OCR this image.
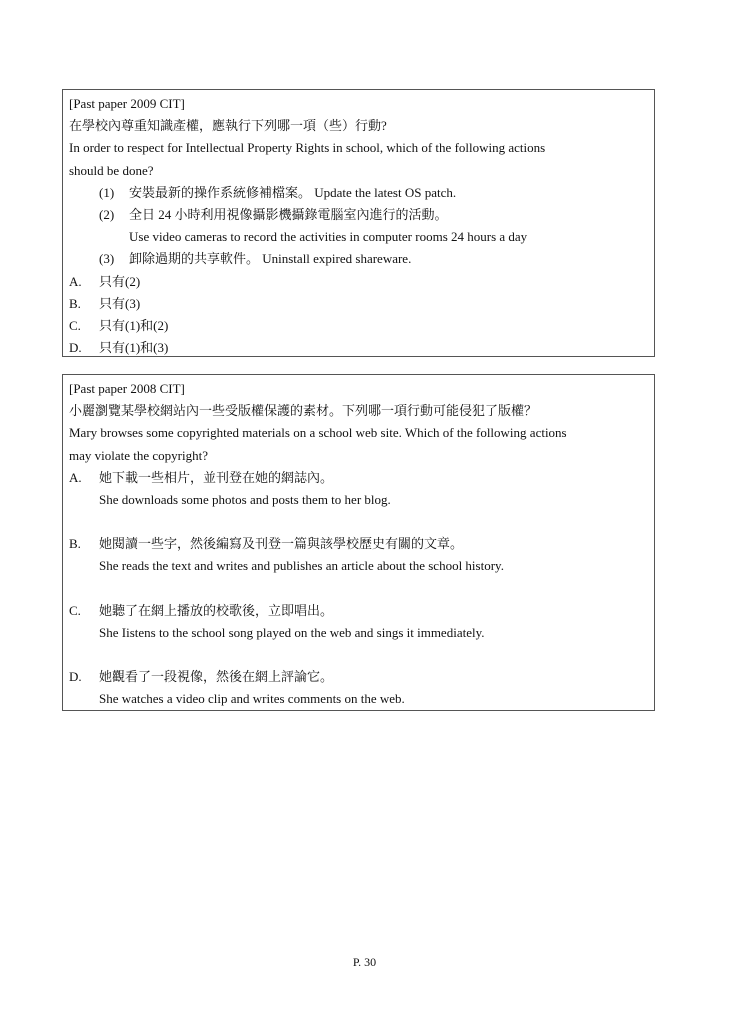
[Past paper 2009 CIT]
在學校內尊重知識產權，應執行下列哪一項（些）行動?
In order to respect for Intellectual Property Rights in school, which of the following actions
should be done?
(1) 安裝最新的操作系統修補檔案。 Update the latest OS patch.
(2) 全日 24 小時利用視像攝影機攝錄電腦室內進行的活動。
Use video cameras to record the activities in computer rooms 24 hours a day
(3) 卸除過期的共享軟件。 Uninstall expired shareware.
A. 只有(2)
B. 只有(3)
C. 只有(1)和(2)
D. 只有(1)和(3)
[Past paper 2008 CIT]
小麗瀏覽某學校網站內一些受版權保護的素材。下列哪一項行動可能侵犯了版權？
Mary browses some copyrighted materials on a school web site. Which of the following actions
may violate the copyright?
A. 她下載一些相片，並刊登在她的網誌內。
She downloads some photos and posts them to her blog.
B. 她閱讀一些字，然後編寫及刊登一篇與該學校歷史有關的文章。
She reads the text and writes and publishes an article about the school history.
C. 她聽了在網上播放的校歌後，立即唱出。
She Iistens to the school song played on the web and sings it immediately.
D. 她觀看了一段視像，然後在網上評論它。
She watches a video clip and writes comments on the web.
P. 30
